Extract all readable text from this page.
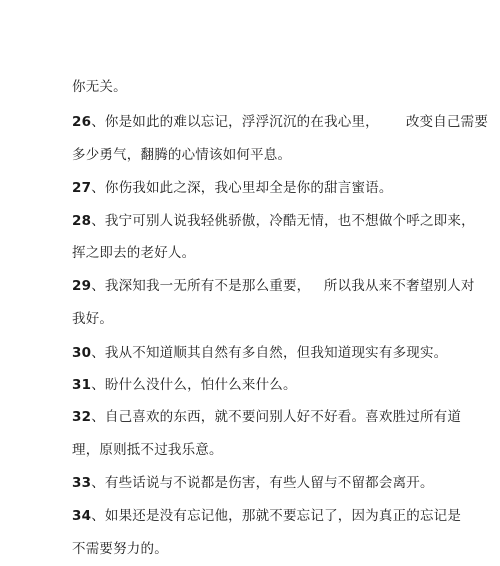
你无关。
26、你是如此的难以忘记，浮浮沉沉的在我心里，      改变自己需要
多少勇气，翻腾的心情该如何平息。
27、你伤我如此之深，我心里却全是你的甜言蜜语。
28、我宁可别人说我轻佻骄傲，冷酷无情，也不想做个呼之即来，
挥之即去的老好人。
29、我深知我一无所有不是那么重要，   所以我从来不奢望别人对
我好。
30、我从不知道顺其自然有多自然，但我知道现实有多现实。
31、盼什么没什么，怕什么来什么。
32、自己喜欢的东西，就不要问别人好不好看。喜欢胜过所有道
理，原则抵不过我乐意。
33、有些话说与不说都是伤害，有些人留与不留都会离开。
34、如果还是没有忘记他，那就不要忘记了，因为真正的忘记是
不需要努力的。
